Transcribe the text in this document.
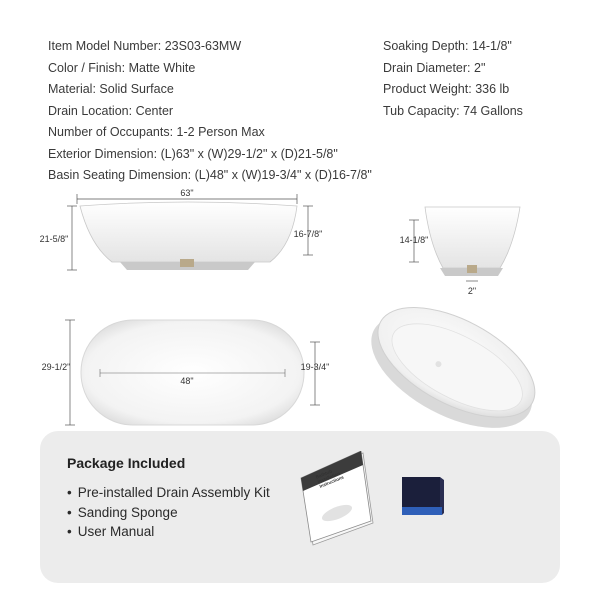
Item Model Number: 23S03-63MW
Color / Finish: Matte White
Material: Solid Surface
Drain Location: Center
Number of Occupants: 1-2 Person Max
Exterior Dimension: (L)63" x (W)29-1/2" x (D)21-5/8"
Basin Seating Dimension: (L)48" x (W)19-3/4" x (D)16-7/8"
Soaking Depth: 14-1/8"
Drain Diameter: 2"
Product Weight: 336 lb
Tub Capacity: 74 Gallons
63"
21-5/8"	16-7/8"
14-1/8"
2"
48"
29-1/2"	19-3/4"
Package Included
• Pre-installed Drain Assembly Kit
• Sanding Sponge
• User Manual
Bathtub Installation Instructions
